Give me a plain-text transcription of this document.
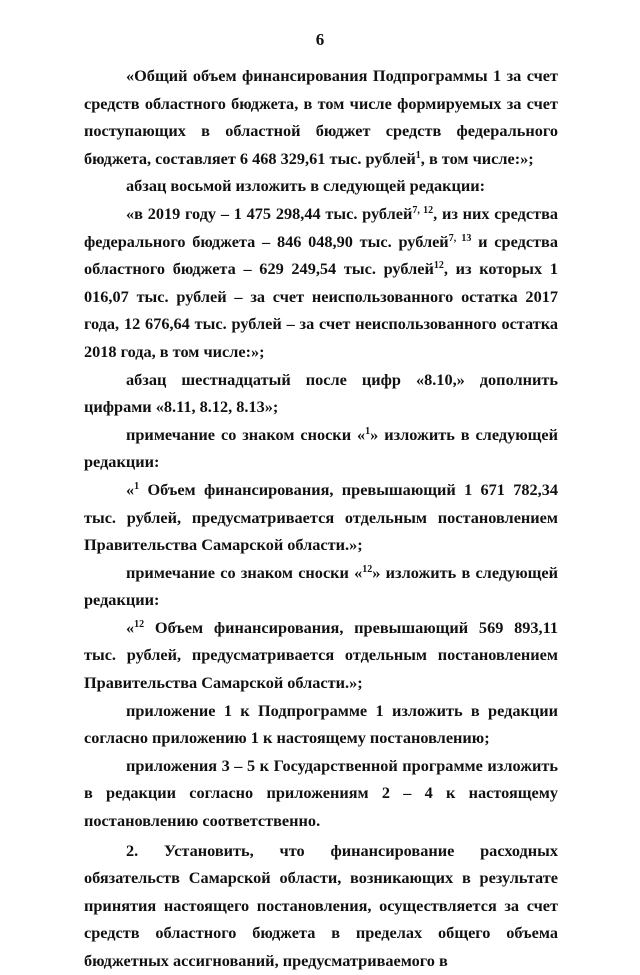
6

«Общий объем финансирования Подпрограммы 1 за счет средств областного бюджета, в том числе формируемых за счет поступающих в областной бюджет средств федерального бюджета, составляет 6 468 329,61 тыс. рублей$^1$, в том числе:»;

абзац восьмой изложить в следующей редакции:

«в 2019 году – 1 475 298,44 тыс. рублей$^{7, 12}$, из них средства федерального бюджета – 846 048,90 тыс. рублей$^{7, 13}$ и средства областного бюджета – 629 249,54 тыс. рублей$^{12}$, из которых 1 016,07 тыс. рублей – за счет неиспользованного остатка 2017 года, 12 676,64 тыс. рублей – за счет неиспользованного остатка 2018 года, в том числе:»;

абзац шестнадцатый после цифр «8.10,» дополнить цифрами «8.11, 8.12, 8.13»;

примечание со знаком сноски «$^1$» изложить в следующей редакции:

«$^1$ Объем финансирования, превышающий 1 671 782,34 тыс. рублей, предусматривается отдельным постановлением Правительства Самарской области.»;

примечание со знаком сноски «$^{12}$» изложить в следующей редакции:

«$^{12}$ Объем финансирования, превышающий 569 893,11 тыс. рублей, предусматривается отдельным постановлением Правительства Самарской области.»;

приложение 1 к Подпрограмме 1 изложить в редакции согласно приложению 1 к настоящему постановлению;

приложения 3 – 5 к Государственной программе изложить в редакции согласно приложениям 2 – 4 к настоящему постановлению соответственно.

2. Установить, что финансирование расходных обязательств Самарской области, возникающих в результате принятия настоящего постановления, осуществляется за счет средств областного бюджета в пределах общего объема бюджетных ассигнований, предусматриваемого в
